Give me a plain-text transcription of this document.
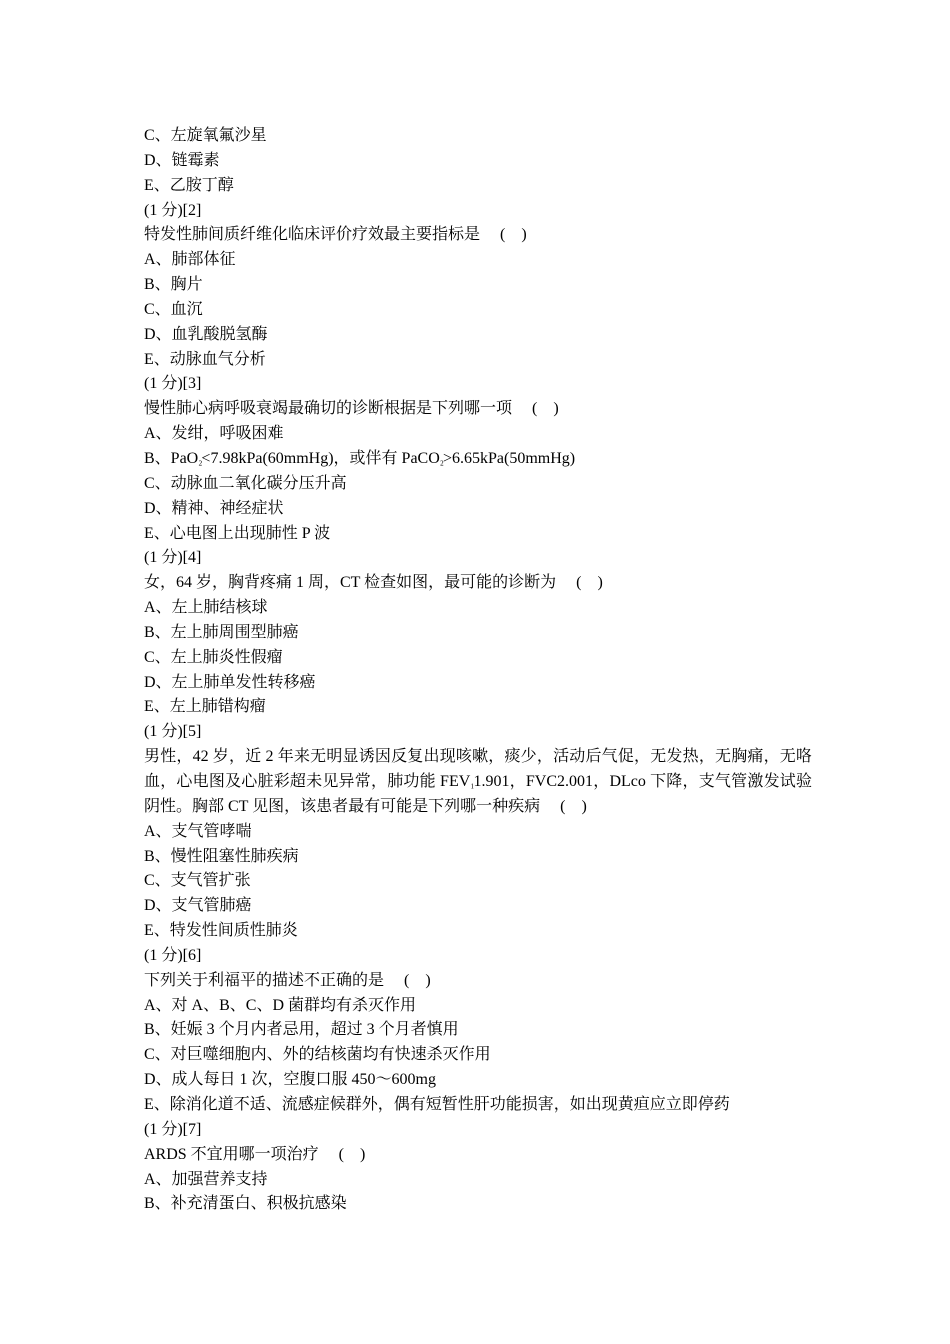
C、左旋氧氟沙星
D、链霉素
E、乙胺丁醇
(1 分)[2]
特发性肺间质纤维化临床评价疗效最主要指标是 　(　)
A、肺部体征
B、胸片
C、血沉
D、血乳酸脱氢酶
E、动脉血气分析
(1 分)[3]
慢性肺心病呼吸衰竭最确切的诊断根据是下列哪一项 　(　)
A、发绀，呼吸困难
B、PaO₂<7.98kPa(60mmHg)，或伴有 PaCO₂>6.65kPa(50mmHg)
C、动脉血二氧化碳分压升高
D、精神、神经症状
E、心电图上出现肺性 P 波
(1 分)[4]
女，64 岁，胸背疼痛 1 周，CT 检查如图，最可能的诊断为 　(　)
A、左上肺结核球
B、左上肺周围型肺癌
C、左上肺炎性假瘤
D、左上肺单发性转移癌
E、左上肺错构瘤
(1 分)[5]
男性，42 岁，近 2 年来无明显诱因反复出现咳嗽，痰少，活动后气促，无发热，无胸痛，无咯血，心电图及心脏彩超未见异常，肺功能 FEV₁1.901，FVC2.001，DLco 下降，支气管激发试验阴性。胸部 CT 见图，该患者最有可能是下列哪一种疾病 　(　)
A、支气管哮喘
B、慢性阻塞性肺疾病
C、支气管扩张
D、支气管肺癌
E、特发性间质性肺炎
(1 分)[6]
下列关于利福平的描述不正确的是 　(　)
A、对 A、B、C、D 菌群均有杀灭作用
B、妊娠 3 个月内者忌用，超过 3 个月者慎用
C、对巨噬细胞内、外的结核菌均有快速杀灭作用
D、成人每日 1 次，空腹口服 450～600mg
E、除消化道不适、流感症候群外，偶有短暂性肝功能损害，如出现黄疸应立即停药
(1 分)[7]
ARDS 不宜用哪一项治疗 　(　)
A、加强营养支持
B、补充清蛋白、积极抗感染
